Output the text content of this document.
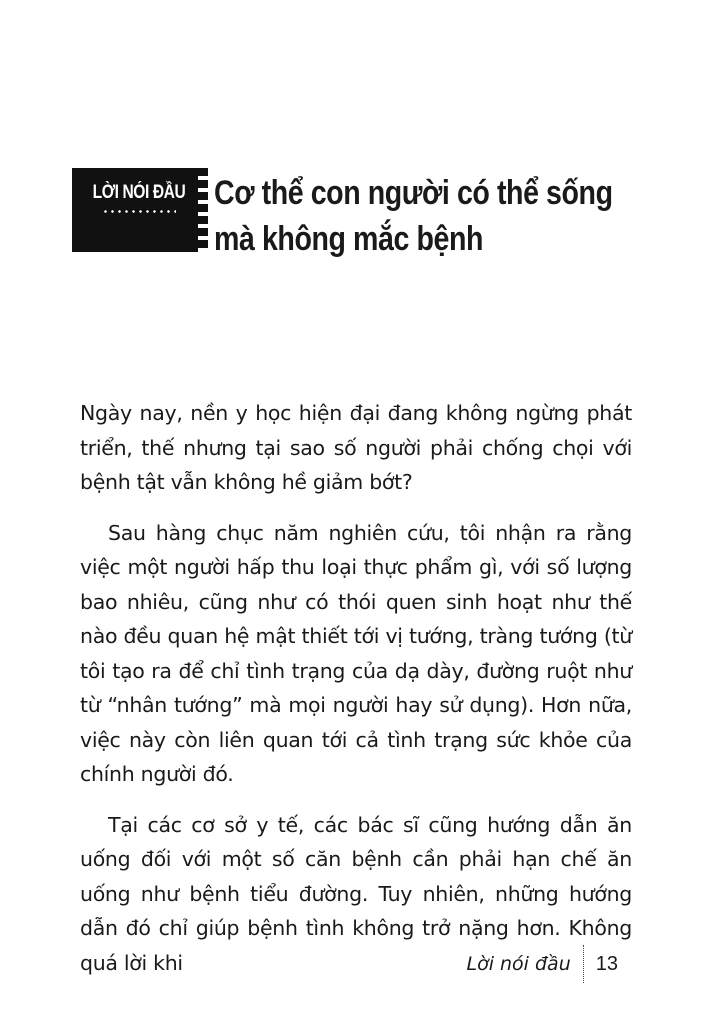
LỜI NÓI ĐẦU Cơ thể con người có thể sống
mà không mắc bệnh

Ngày nay, nền y học hiện đại đang không ngừng phát triển, thế nhưng tại sao số người phải chống chọi với bệnh tật vẫn không hề giảm bớt?

Sau hàng chục năm nghiên cứu, tôi nhận ra rằng việc một người hấp thu loại thực phẩm gì, với số lượng bao nhiêu, cũng như có thói quen sinh hoạt như thế nào đều quan hệ mật thiết tới vị tướng, tràng tướng (từ tôi tạo ra để chỉ tình trạng của dạ dày, đường ruột như từ “nhân tướng” mà mọi người hay sử dụng). Hơn nữa, việc này còn liên quan tới cả tình trạng sức khỏe của chính người đó.

Tại các cơ sở y tế, các bác sĩ cũng hướng dẫn ăn uống đối với một số căn bệnh cần phải hạn chế ăn uống như bệnh tiểu đường. Tuy nhiên, những hướng dẫn đó chỉ giúp bệnh tình không trở nặng hơn. Không quá lời khi	Lời nói đầu 13
